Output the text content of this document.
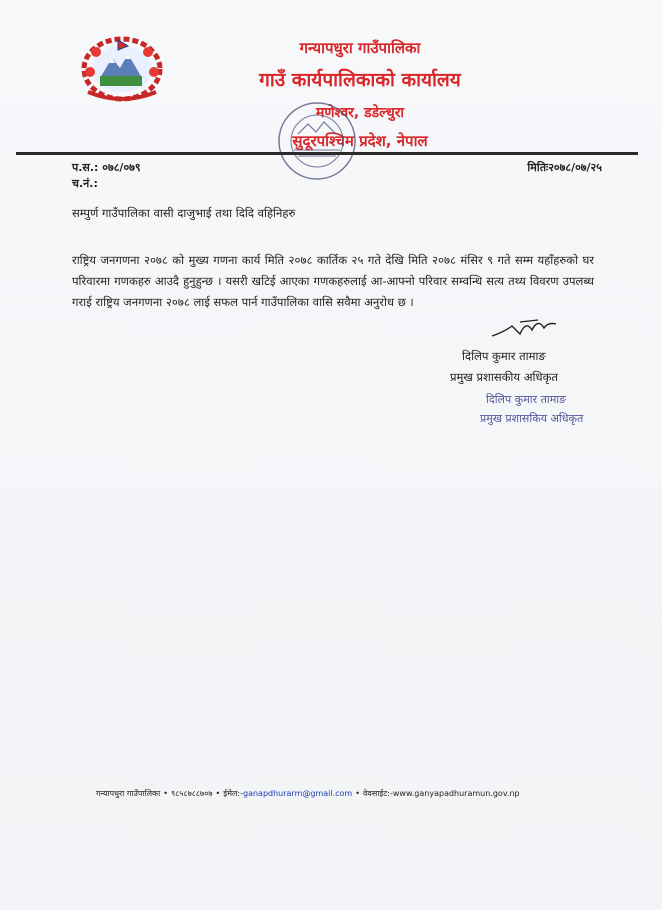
गन्यापधुरा गाउँपालिका
गाउँ कार्यपालिकाको कार्यालय
मणेश्वर, डडेल्धुरा
सुदूरपश्चिम प्रदेश, नेपाल
प.स.: ०७८/०७९
च.नं.:
मितिः२०७८/०७/२५
सम्पुर्ण गाउँपालिका वासी दाजुभाई तथा दिदि वहिनिहरु
राष्ट्रिय जनगणना २०७८ को मुख्य गणना कार्य मिति २०७८ कार्तिक २५ गते देखि मिति २०७८ मंसिर ९ गते सम्म यहाँहरुको घर परिवारमा गणकहरु आउदै हुनुहुन्छ । यसरी खटिई आएका गणकहरुलाई आ-आफ्नो परिवार सम्वन्धि सत्य तथ्य विवरण उपलब्ध गराई राष्ट्रिय जनगणना २०७८ लाई सफल पार्न गाउँपालिका वासि सवैमा अनुरोध छ ।
दिलिप कुमार तामाङ
प्रमुख प्रशासकीय अधिकृत
दिलिप कुमार तामाङ
प्रमुख प्रशासकिय अधिकृत
गन्यापधुरा गाउँपालिका • ९८५८७८८७०७ • ईमेल:-ganapdhurarm@gmail.com • वेवसाईट:-www.ganyapadhuramun.gov.np
